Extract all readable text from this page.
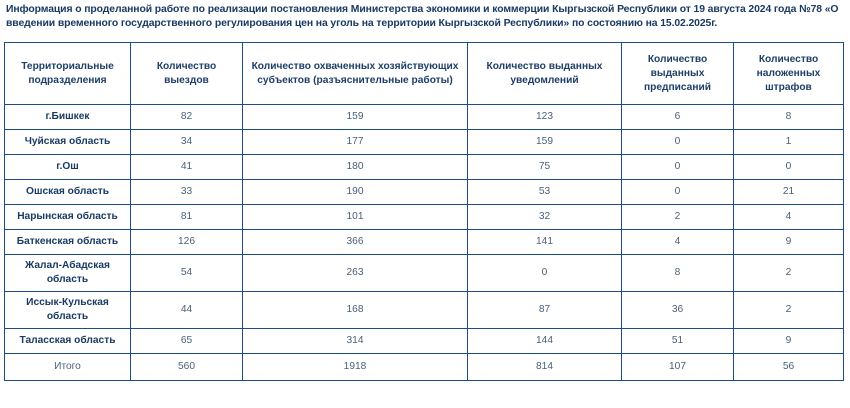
Информация о проделанной работе по реализации постановления Министерства экономики и коммерции Кыргызской Республики от 19 августа 2024 года №78 «О
введении временного государственного регулирования цен на уголь на территории Кыргызской Республики» по состоянию на 15.02.2025г.
Территориальные подразделения	Количество выездов	Количество охваченных хозяйствующих субъектов (разъяснительные работы)	Количество выданных уведомлений	Количество выданных предписаний	Количество наложенных штрафов
г.Бишкек	82	159	123	6	8
Чуйская область	34	177	159	0	1
г.Ош	41	180	75	0	0
Ошская область	33	190	53	0	21
Нарынская область	81	101	32	2	4
Баткенская область	126	366	141	4	9
Жалал-Абадская область	54	263	0	8	2
Иссык-Кульская область	44	168	87	36	2
Таласская область	65	314	144	51	9
Итого	560	1918	814	107	56
